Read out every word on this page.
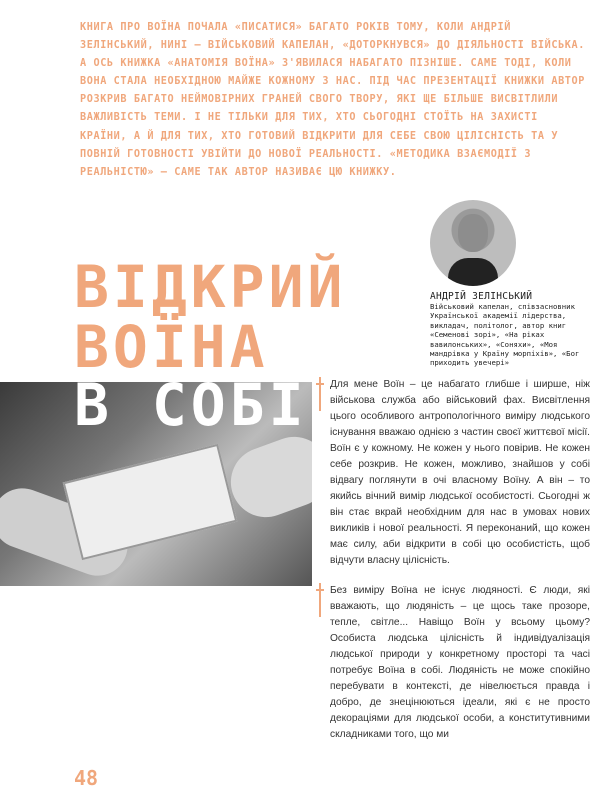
КНИГА ПРО ВОЇНА ПОЧАЛА «ПИСАТИСЯ» БАГАТО РОКІВ ТОМУ, КОЛИ АНДРІЙ ЗЕЛІНСЬКИЙ, НИНІ – ВІЙСЬКОВИЙ КАПЕЛАН, «ДОТОРКНУВСЯ» ДО ДІЯЛЬНОСТІ ВІЙСЬКА. А ОСЬ КНИЖКА «АНАТОМІЯ ВОЇНА» З'ЯВИЛАСЯ НАБАГАТО ПІЗНІШЕ. САМЕ ТОДІ, КОЛИ ВОНА СТАЛА НЕОБХІДНОЮ МАЙЖЕ КОЖНОМУ З НАС. ПІД ЧАС ПРЕЗЕНТАЦІЇ КНИЖКИ АВТОР РОЗКРИВ БАГАТО НЕЙМОВІРНИХ ГРАНЕЙ СВОГО ТВОРУ, ЯКІ ЩЕ БІЛЬШЕ ВИСВІТЛИЛИ ВАЖЛИВІСТЬ ТЕМИ. І НЕ ТІЛЬКИ ДЛЯ ТИХ, ХТО СЬОГОДНІ СТОЇТЬ НА ЗАХИСТІ КРАЇНИ, А Й ДЛЯ ТИХ, ХТО ГОТОВИЙ ВІДКРИТИ ДЛЯ СЕБЕ СВОЮ ЦІЛІСНІСТЬ ТА У ПОВНІЙ ГОТОВНОСТІ УВІЙТИ ДО НОВОЇ РЕАЛЬНОСТІ. «МЕТОДИКА ВЗАЄМОДІЇ З РЕАЛЬНІСТЮ» – САМЕ ТАК АВТОР НАЗИВАЄ ЦЮ КНИЖКУ.
АНДРІЙ ЗЕЛІНСЬКИЙ
Військовий капелан, співзасновник Української академії лідерства, викладач, політолог, автор книг «Семенові зорі», «На ріках вавилонських», «Соняхи», «Моя мандрівка у Країну морпіхів», «Бог приходить увечері»
ВІДКРИЙ
ВОЇНА
В СОБІ Для мене Воїн – це набагато глибше і ширше, ніж військова служба або військовий фах. Висвітлення цього особливого антропологічного виміру людського існування вважаю однією з частин своєї життєвої місії. Воїн є у кожному. Не кожен у нього повірив. Не кожен себе розкрив. Не кожен, можливо, знайшов у собі відвагу поглянути в очі власному Воїну. А він – то якийсь вічний вимір людської особистості. Сьогодні ж він стає вкрай необхідним для нас в умовах нових викликів і нової реальності. Я переконаний, що кожен має силу, аби відкрити в собі цю особистість, щоб відчути власну цілісність.
Без виміру Воїна не існує людяності. Є люди, які вважають, що людяність – це щось таке прозоре, тепле, світле... Навіщо Воїн у всьому цьому? Особиста людська цілісність й індивідуалізація людської природи у конкретному просторі та часі потребує Воїна в собі. Людяність не може спокійно перебувати в контексті, де нівелюється правда і добро, де знецінюються ідеали, які є не просто декораціями для людської особи, а конститутивними складниками того, що ми
48
